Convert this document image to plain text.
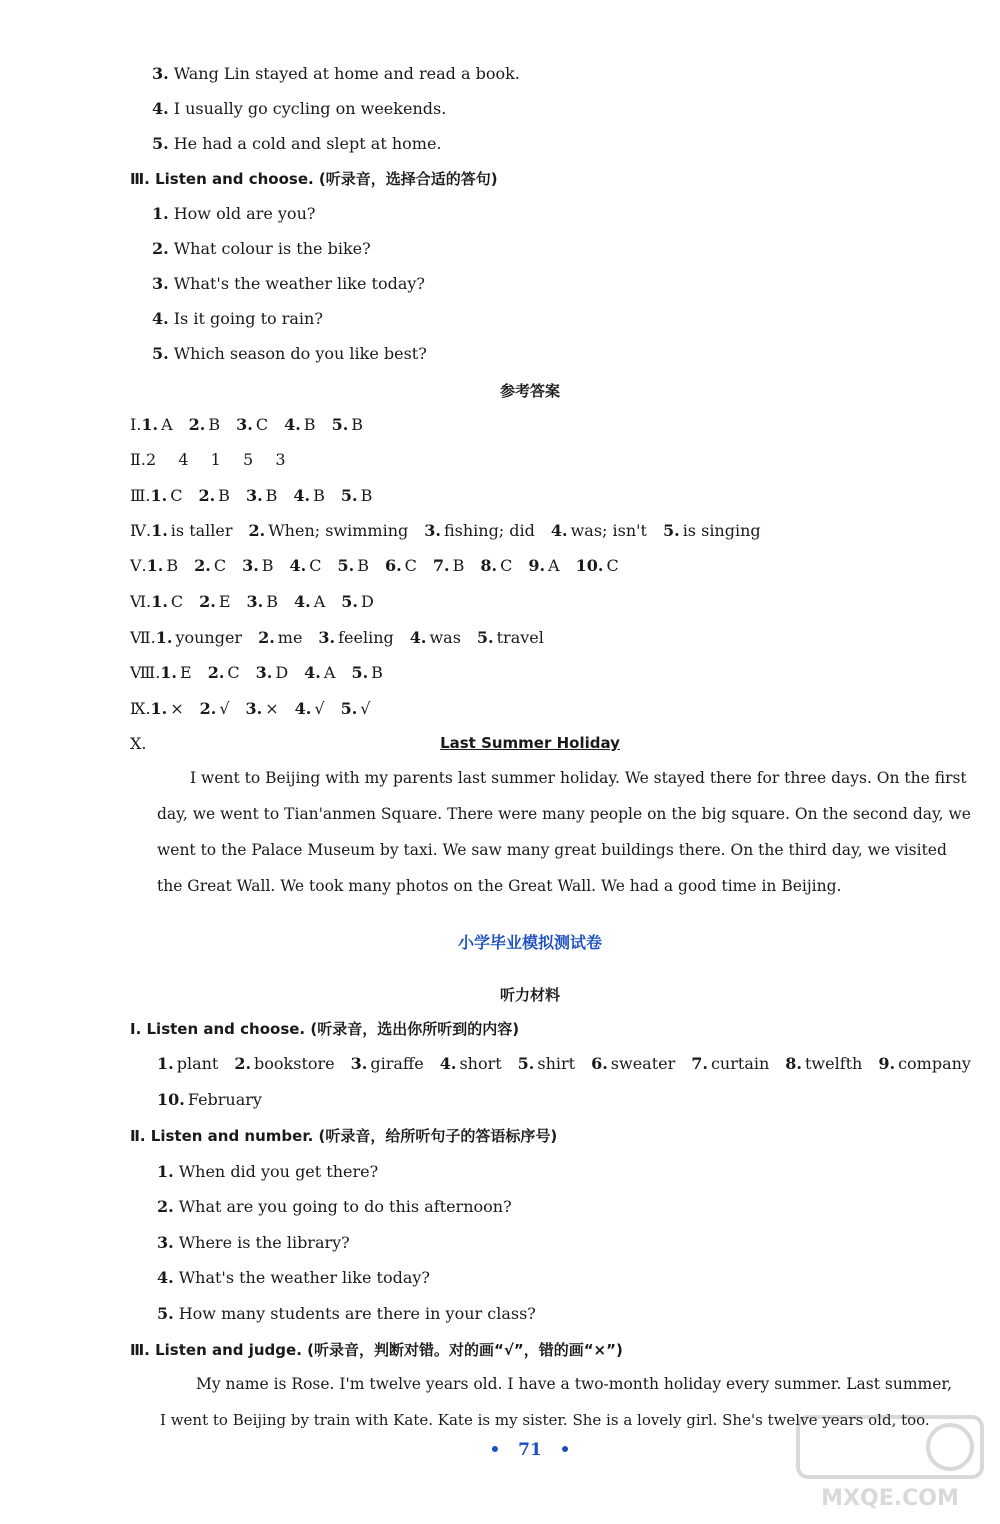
3. Wang Lin stayed at home and read a book.
4. I usually go cycling on weekends.
5. He had a cold and slept at home.
Ⅲ. Listen and choose. (听录音，选择合适的答句)
1. How old are you?
2. What colour is the bike?
3. What's the weather like today?
4. Is it going to rain?
5. Which season do you like best?
参考答案
Ⅰ.1. A 2. B 3. C 4. B 5. B
Ⅱ.2  4  1  5  3
Ⅲ.1. C 2. B 3. B 4. B 5. B
Ⅳ.1. is taller 2. When; swimming 3. fishing; did 4. was; isn't 5. is singing
Ⅴ.1. B 2. C 3. B 4. C 5. B 6. C 7. B 8. C 9. A 10. C
Ⅵ.1. C 2. E 3. B 4. A 5. D
Ⅶ.1. younger 2. me 3. feeling 4. was 5. travel
Ⅷ.1. E 2. C 3. D 4. A 5. B
Ⅸ.1. × 2. √ 3. × 4. √ 5. √
Ⅹ.	Last Summer Holiday
I went to Beijing with my parents last summer holiday. We stayed there for three days. On the first
day, we went to Tian'anmen Square. There were many people on the big square. On the second day, we
went to the Palace Museum by taxi. We saw many great buildings there. On the third day, we visited
the Great Wall. We took many photos on the Great Wall. We had a good time in Beijing.
小学毕业模拟测试卷
听力材料
Ⅰ. Listen and choose. (听录音，选出你所听到的内容)
1. plant 2. bookstore 3. giraffe 4. short 5. shirt 6. sweater 7. curtain 8. twelfth 9. company
10. February
Ⅱ. Listen and number. (听录音，给所听句子的答语标序号)
1. When did you get there?
2. What are you going to do this afternoon?
3. Where is the library?
4. What's the weather like today?
5. How many students are there in your class?
Ⅲ. Listen and judge. (听录音，判断对错。对的画“√”，错的画“×”)
My name is Rose. I'm twelve years old. I have a two-month holiday every summer. Last summer,
I went to Beijing by train with Kate. Kate is my sister. She is a lovely girl. She's twelve years old, too.
•   71   •
MXQE.COM
